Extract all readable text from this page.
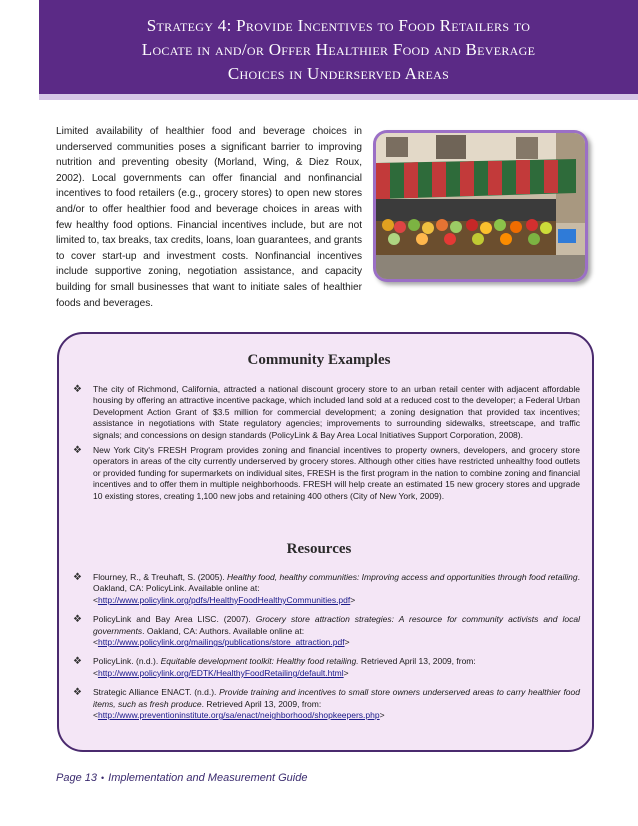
Strategy 4: Provide Incentives to Food Retailers to
Locate in and/or Offer Healthier Food and Beverage
Choices in Underserved Areas

Limited availability of healthier food and beverage choices in underserved communities poses a significant barrier to improving nutrition and preventing obesity (Morland, Wing, & Diez Roux, 2002). Local governments can offer financial and nonfinancial incentives to food retailers (e.g., grocery stores) to open new stores and/or to offer healthier food and beverage choices in areas with few healthy food options. Financial incentives include, but are not limited to, tax breaks, tax credits, loans, loan guarantees, and grants to cover start-up and investment costs. Nonfinancial incentives include supportive zoning, negotiation assistance, and capacity building for small businesses that want to initiate sales of healthier foods and beverages.

Community Examples
❖ The city of Richmond, California, attracted a national discount grocery store to an urban retail center with adjacent affordable housing by offering an attractive incentive package, which included land sold at a reduced cost to the developer; a Federal Urban Development Action Grant of $3.5 million for commercial development; a zoning designation that provided tax incentives; assistance in negotiations with State regulatory agencies; improvements to surrounding sidewalks, streetscape, and traffic signals; and concessions on design standards (PolicyLink & Bay Area Local Initiatives Support Corporation, 2008).
❖ New York City's FRESH Program provides zoning and financial incentives to property owners, developers, and grocery store operators in areas of the city currently underserved by grocery stores. Although other cities have restricted unhealthy food outlets or provided funding for supermarkets on individual sites, FRESH is the first program in the nation to combine zoning and financial incentives and to offer them in multiple neighborhoods. FRESH will help create an estimated 15 new grocery stores and upgrade 10 existing stores, creating 1,100 new jobs and retaining 400 others (City of New York, 2009).
Resources
❖ Flourney, R., & Treuhaft, S. (2005). Healthy food, healthy communities: Improving access and opportunities through food retailing. Oakland, CA: PolicyLink. Available online at:
<http://www.policylink.org/pdfs/HealthyFoodHealthyCommunities.pdf>
❖ PolicyLink and Bay Area LISC. (2007). Grocery store attraction strategies: A resource for community activists and local governments. Oakland, CA: Authors. Available online at:
<http://www.policylink.org/mailings/publications/store_attraction.pdf>
❖ PolicyLink. (n.d.). Equitable development toolkit: Healthy food retailing. Retrieved April 13, 2009, from:
<http://www.policylink.org/EDTK/HealthyFoodRetailing/default.html>
❖ Strategic Alliance ENACT. (n.d.). Provide training and incentives to small store owners underserved areas to carry healthier food items, such as fresh produce. Retrieved April 13, 2009, from:
<http://www.preventioninstitute.org/sa/enact/neighborhood/shopkeepers.php>
Page 13 • Implementation and Measurement Guide
